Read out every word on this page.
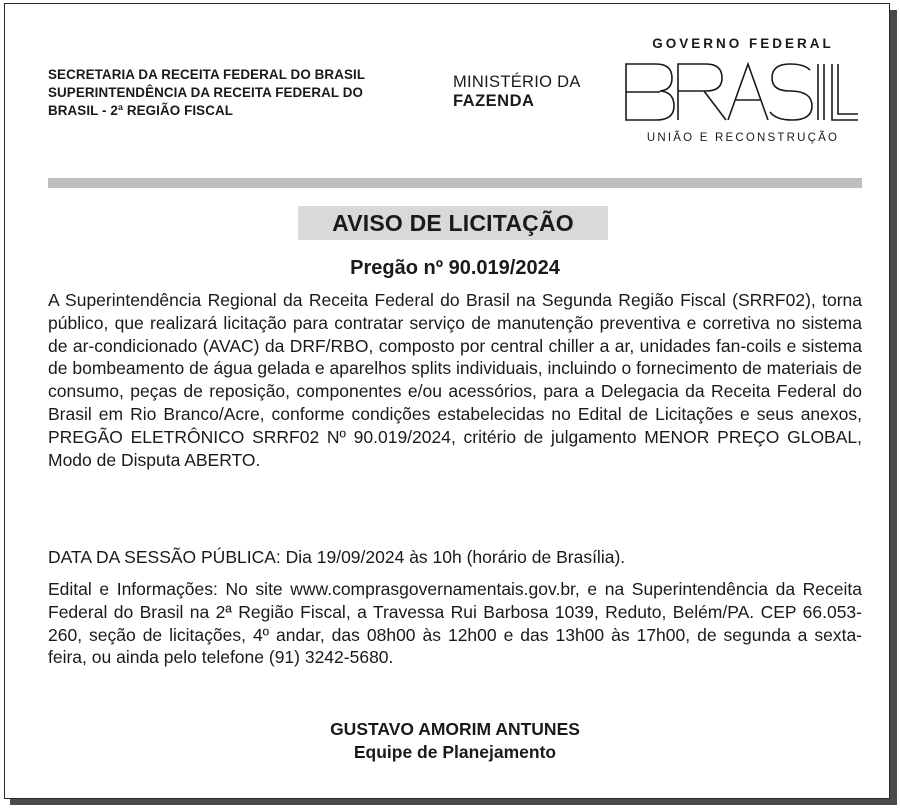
SECRETARIA DA RECEITA FEDERAL DO BRASIL
SUPERINTENDÊNCIA DA RECEITA FEDERAL DO
BRASIL - 2ª REGIÃO FISCAL
MINISTÉRIO DA
FAZENDA
GOVERNO FEDERAL
UNIÃO E RECONSTRUÇÃO
AVISO DE LICITAÇÃO
Pregão nº 90.019/2024
A Superintendência Regional da Receita Federal do Brasil na Segunda Região Fiscal (SRRF02), torna público, que realizará licitação para contratar serviço de manutenção preventiva e corretiva no sistema de ar-condicionado (AVAC) da DRF/RBO, composto por central chiller a ar, unidades fan-coils e sistema de bombeamento de água gelada e aparelhos splits individuais, incluindo o fornecimento de materiais de consumo, peças de reposição, componentes e/ou acessórios, para a Delegacia da Receita Federal do Brasil em Rio Branco/Acre, conforme condições estabelecidas no Edital de Licitações e seus anexos, PREGÃO ELETRÔNICO SRRF02 Nº 90.019/2024, critério de julgamento MENOR PREÇO GLOBAL, Modo de Disputa ABERTO.
DATA DA SESSÃO PÚBLICA: Dia 19/09/2024 às 10h (horário de Brasília).
Edital e Informações: No site www.comprasgovernamentais.gov.br, e na Superintendência da Receita Federal do Brasil na 2ª Região Fiscal, a Travessa Rui Barbosa 1039, Reduto, Belém/PA. CEP 66.053-260, seção de licitações, 4º andar, das 08h00 às 12h00 e das 13h00 às 17h00, de segunda a sexta-feira, ou ainda pelo telefone (91) 3242-5680.
GUSTAVO AMORIM ANTUNES
Equipe de Planejamento
